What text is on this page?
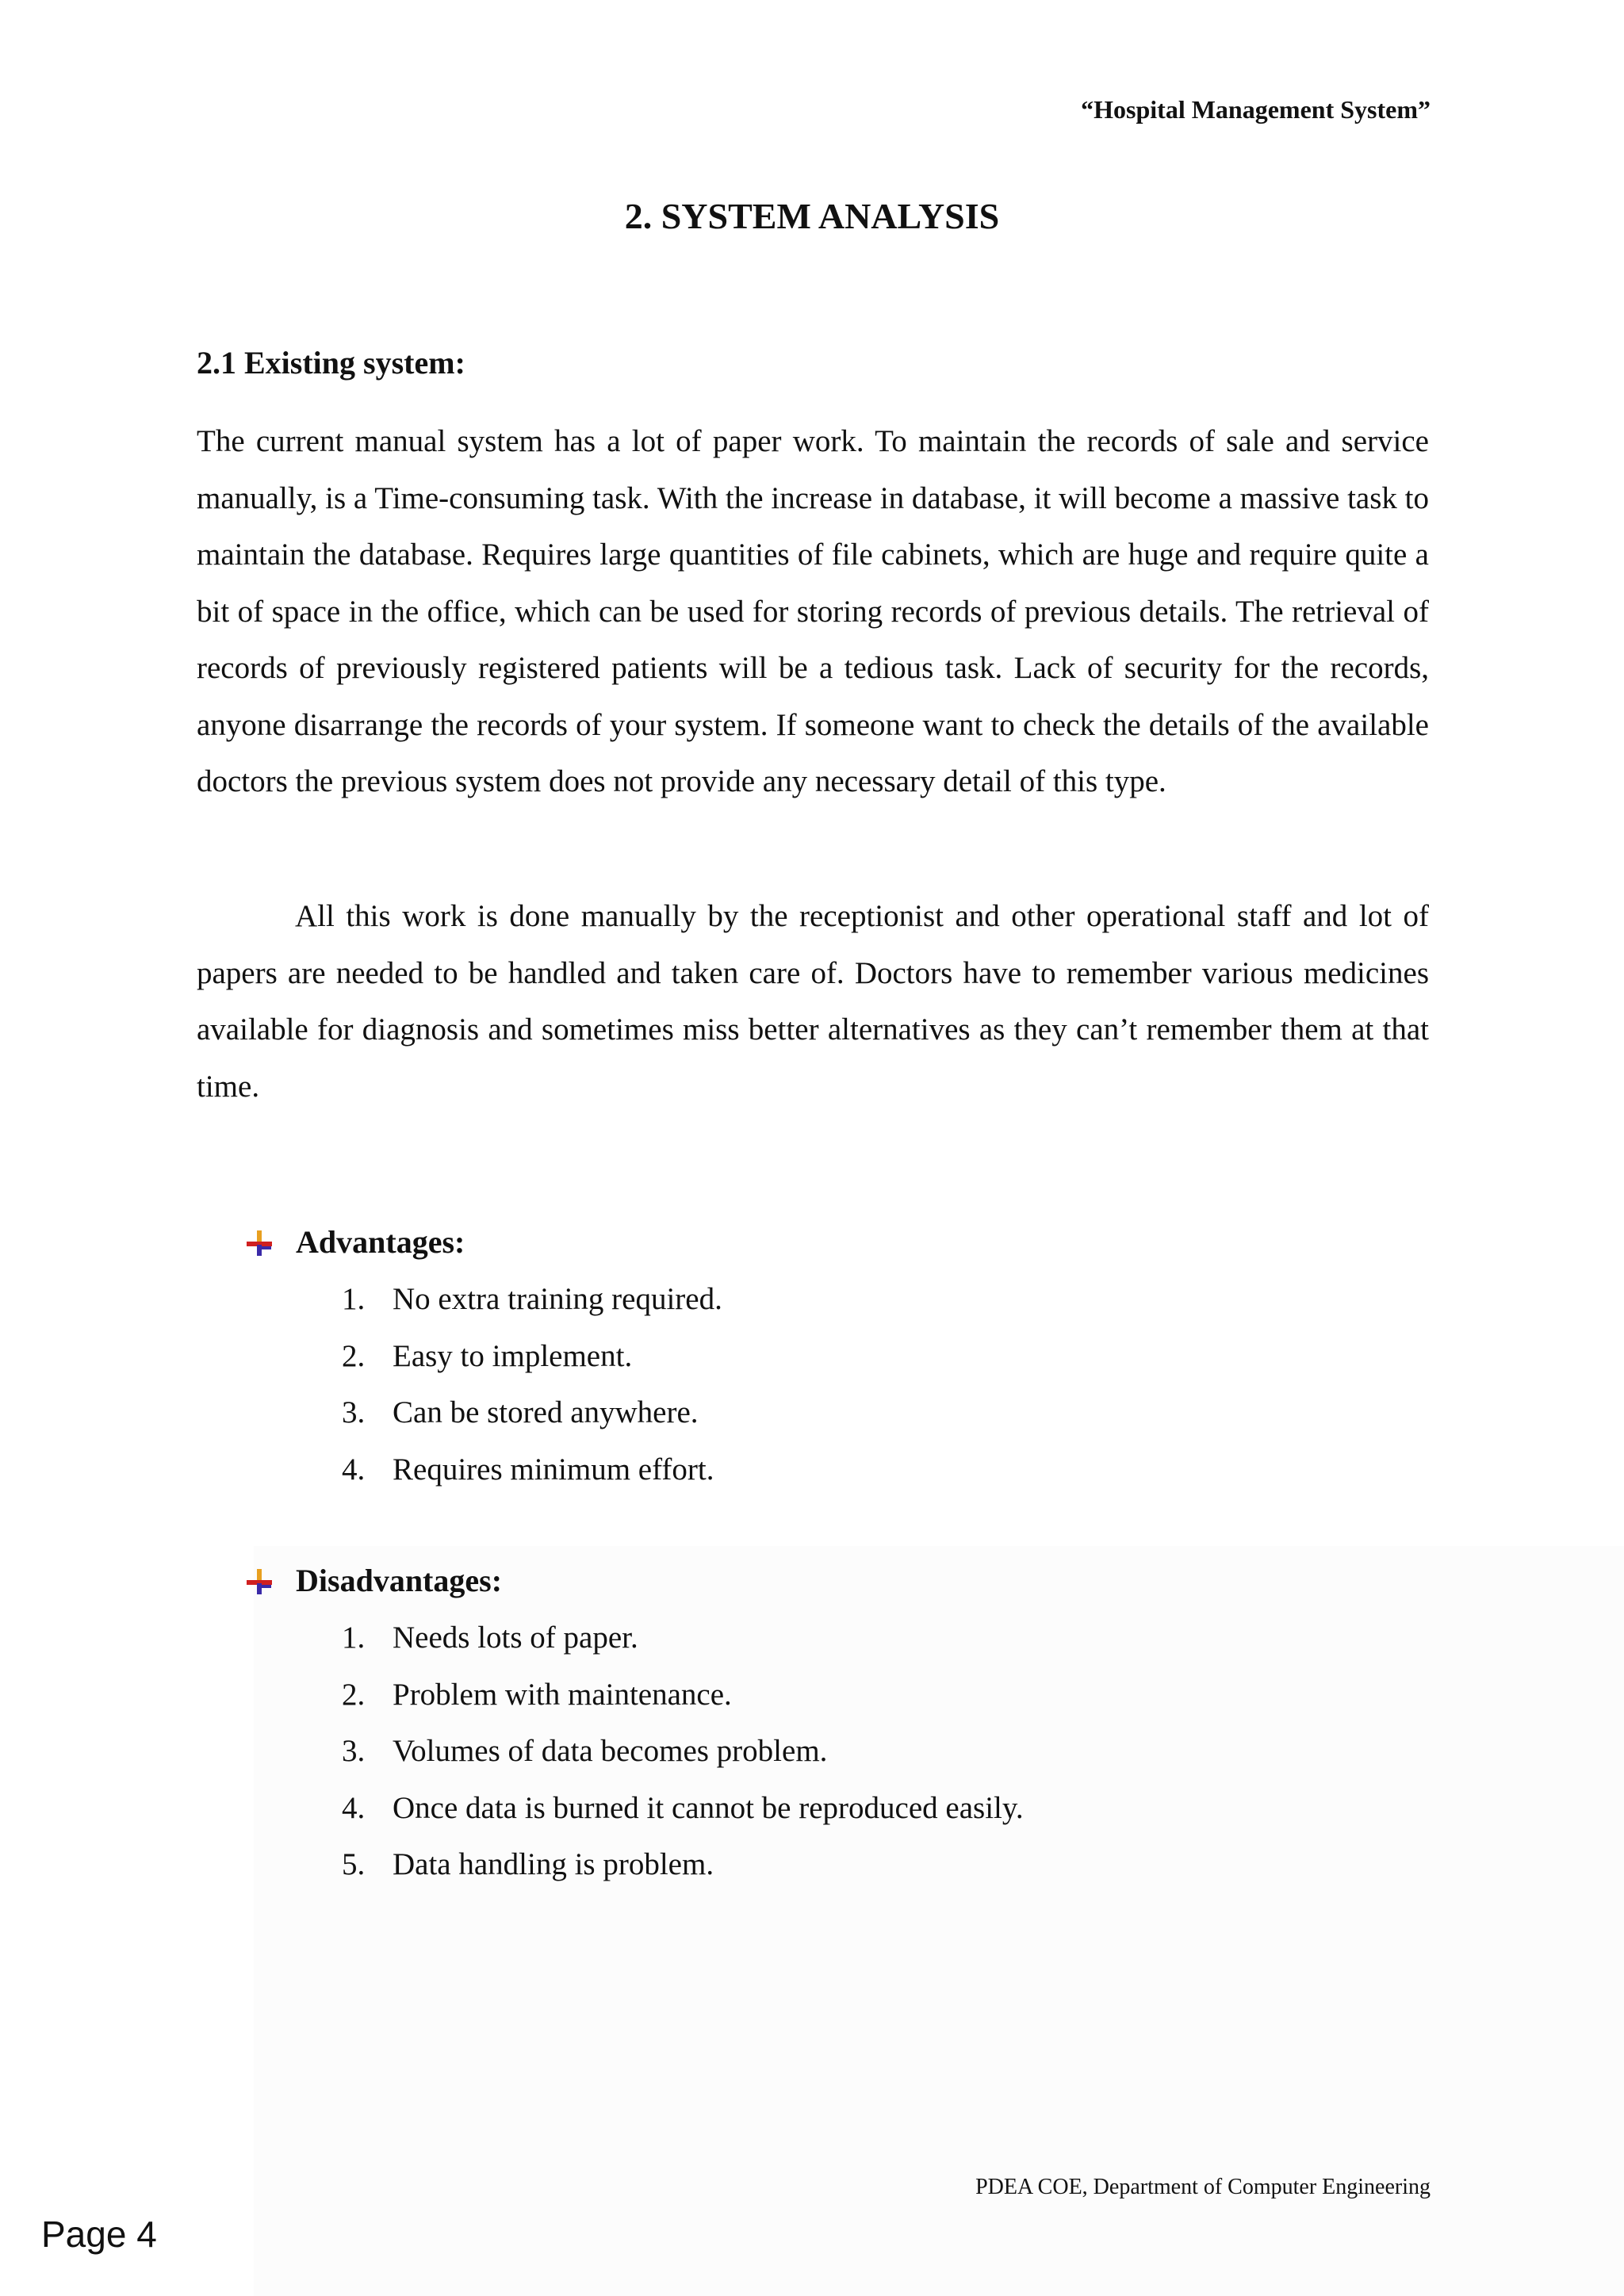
“Hospital Management System”
2. SYSTEM ANALYSIS
2.1 Existing system:

The current manual system has a lot of paper work. To maintain the records of sale and service manually, is a Time-consuming task. With the increase in database, it will become a massive task to maintain the database. Requires large quantities of file cabinets, which are huge and require quite a bit of space in the office, which can be used for storing records of previous details. The retrieval of records of previously registered patients will be a tedious task. Lack of security for the records, anyone disarrange the records of your system. If someone want to check the details of the available doctors the previous system does not provide any necessary detail of this type.

All this work is done manually by the receptionist and other operational staff and lot of papers are needed to be handled and taken care of. Doctors have to remember various medicines available for diagnosis and sometimes miss better alternatives as they can’t remember them at that time.

Advantages:
1. No extra training required.
2. Easy to implement.
3. Can be stored anywhere.
4. Requires minimum effort.
Disadvantages:
1. Needs lots of paper.
2. Problem with maintenance.
3. Volumes of data becomes problem.
4. Once data is burned it cannot be reproduced easily.
5. Data handling is problem.
PDEA COE, Department of Computer Engineering
Page 4
